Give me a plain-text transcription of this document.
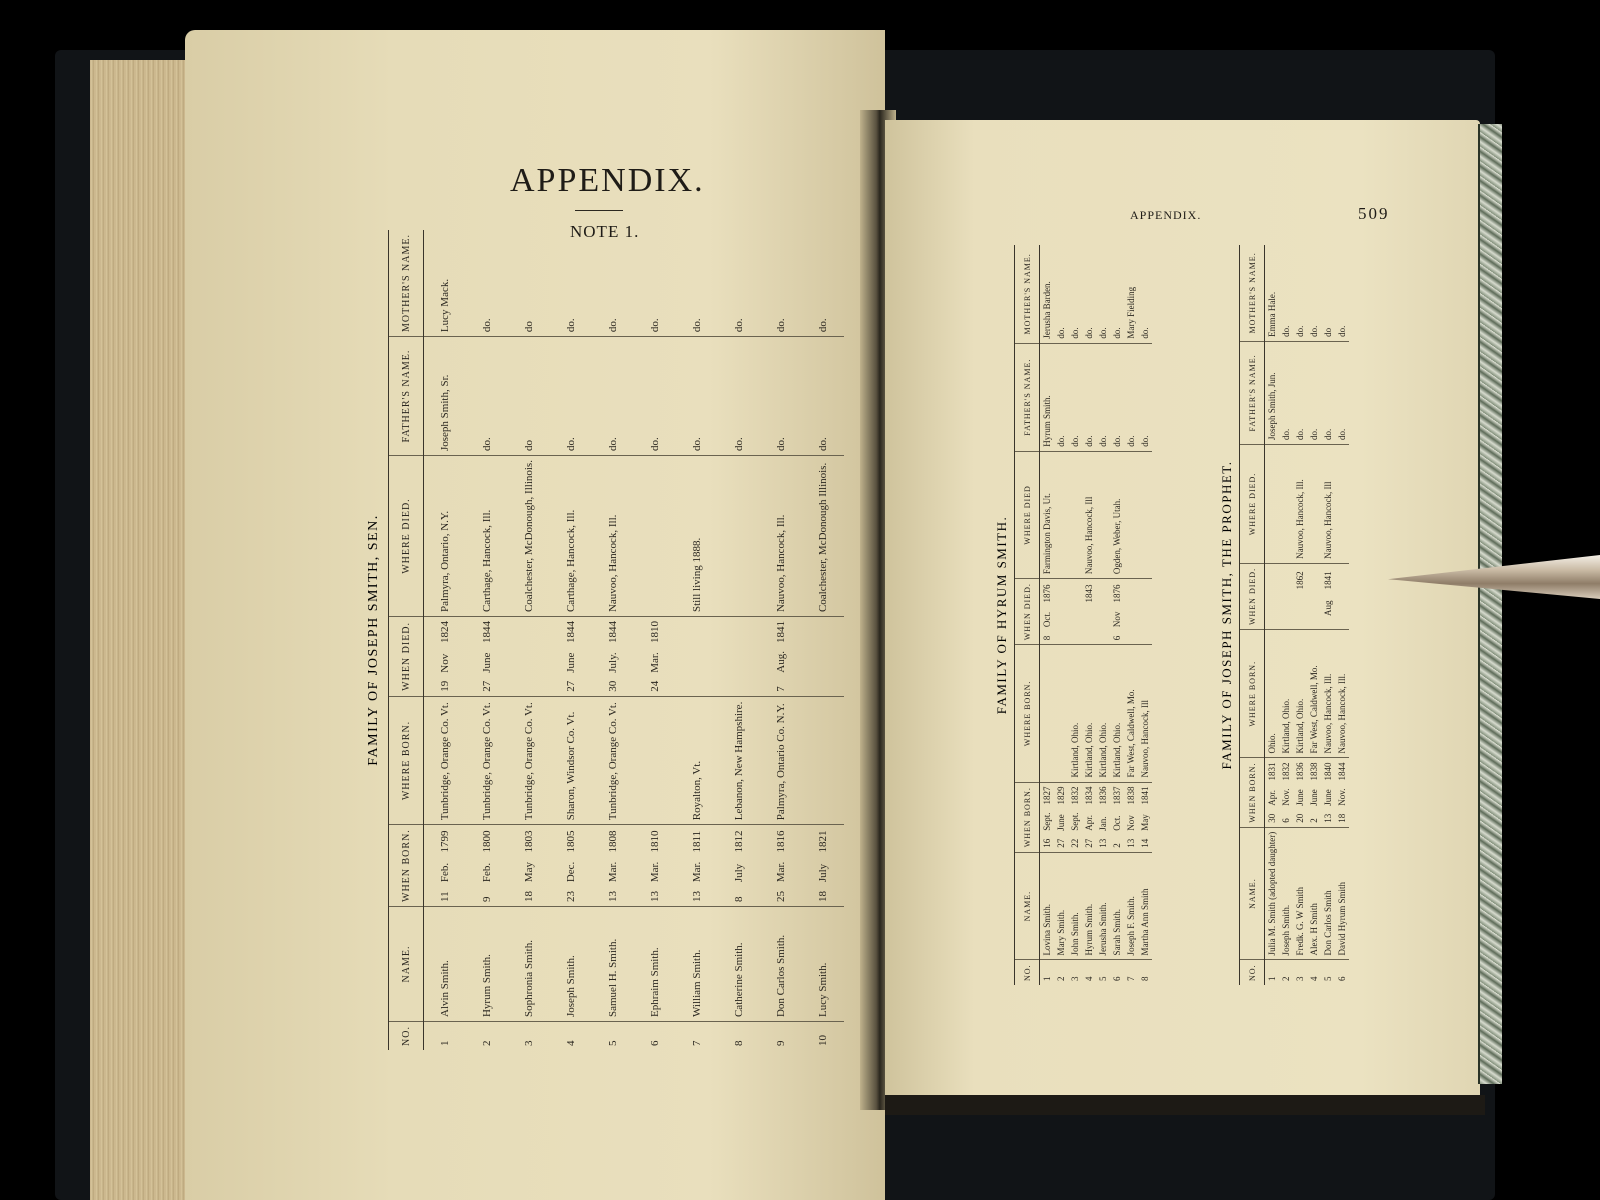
APPENDIX.
NOTE 1.
APPENDIX.	509
FAMILY OF JOSEPH SMITH, SEN.
NO.	NAME.	WHEN BORN.			WHERE BORN.	WHEN DIED.			WHERE DIED.	FATHER'S NAME.	MOTHER'S NAME.
1	Alvin Smith.	11	Feb.	1799	Tunbridge, Orange Co. Vt.	19	Nov	1824	Palmyra, Ontario, N.Y.	Joseph Smith, Sr.	Lucy Mack.
2	Hyrum Smith.	9	Feb.	1800	Tunbridge, Orange Co. Vt.	27	June	1844	Carthage, Hancock, Ill.	do.	do.
3	Sophronia Smith.	18	May	1803	Tunbridge, Orange Co. Vt.				Coalchester, McDonough, Illinois.	do	do
4	Joseph Smith.	23	Dec.	1805	Sharon, Windsor Co. Vt.	27	June	1844	Carthage, Hancock, Ill.	do.	do.
5	Samuel H. Smith.	13	Mar.	1808	Tunbridge, Orange Co. Vt.	30	July.	1844	Nauvoo, Hancock, Ill.	do.	do.
6	Ephraim Smith.	13	Mar.	1810		24	Mar.	1810		do.	do.
7	William Smith.	13	Mar.	1811	Royalton, Vt.				Still living 1888.	do.	do.
8	Catherine Smith.	8	July	1812	Lebanon, New Hampshire.					do.	do.
9	Don Carlos Smith.	25	Mar.	1816	Palmyra, Ontario Co. N.Y.	7	Aug.	1841	Nauvoo, Hancock, Ill.	do.	do.
10	Lucy Smith.	18	July	1821					Coalchester, McDonough Illinois.	do.	do.
FAMILY OF HYRUM SMITH.
NO.	NAME.	WHEN BORN.			WHERE BORN.	WHEN DIED.			WHERE DIED	FATHER'S NAME.	MOTHER'S NAME.
1	Lovina Smith.	16	Sept.	1827		8	Oct.	1876	Farmington Davis, Ut.	Hyrum Smith.	Jerusha Barden.
2	Mary Smith.	27	June	1829						do.	do.
3	John Smith.	22	Sept.	1832	Kirtland, Ohio.					do.	do.
4	Hyrum Smith.	27	Apr.	1834	Kirtland, Ohio.			1843	Nauvoo, Hancock, Ill	do.	do.
5	Jerusha Smith.	13	Jan.	1836	Kirtland, Ohio.					do.	do.
6	Sarah Smith.	2	Oct.	1837	Kirtland, Ohio.	6	Nov	1876	Ogden, Weber, Utah.	do.	do.
7	Joseph F. Smith.	13	Nov	1838	Far West, Caldwell, Mo.					do.	Mary Fielding
8	Martha Ann Smith	14	May	1841	Nauvoo, Hancock, Ill					do.	do.
FAMILY OF JOSEPH SMITH, THE PROPHET.
NO.	NAME.	WHEN BORN.			WHERE BORN.	WHEN DIED.			WHERE DIED.	FATHER'S NAME.	MOTHER'S NAME.
1	Julia M. Smith (adopted daughter)	30	Apr.	1831	Ohio.					Joseph Smith, Jun.	Emma Hale.
2	Joseph Smith.	6	Nov.	1832	Kirtland, Ohio.					do.	do.
3	Fredk. G. W Smith	20	June	1836	Kirtland, Ohio.			1862	Nauvoo, Hancock, Ill.	do.	do.
4	Alex. H Smith	2	June	1838	Far West, Caldwell, Mo.					do.	do.
5	Don Carlos Smith	13	June	1840	Nauvoo, Hancock, Ill.		Aug	1841	Nauvoo, Hancock, Ill	do.	do
6	David Hyrum Smith	18	Nov.	1844	Nauvoo, Hancock, Ill.					do.	do.
